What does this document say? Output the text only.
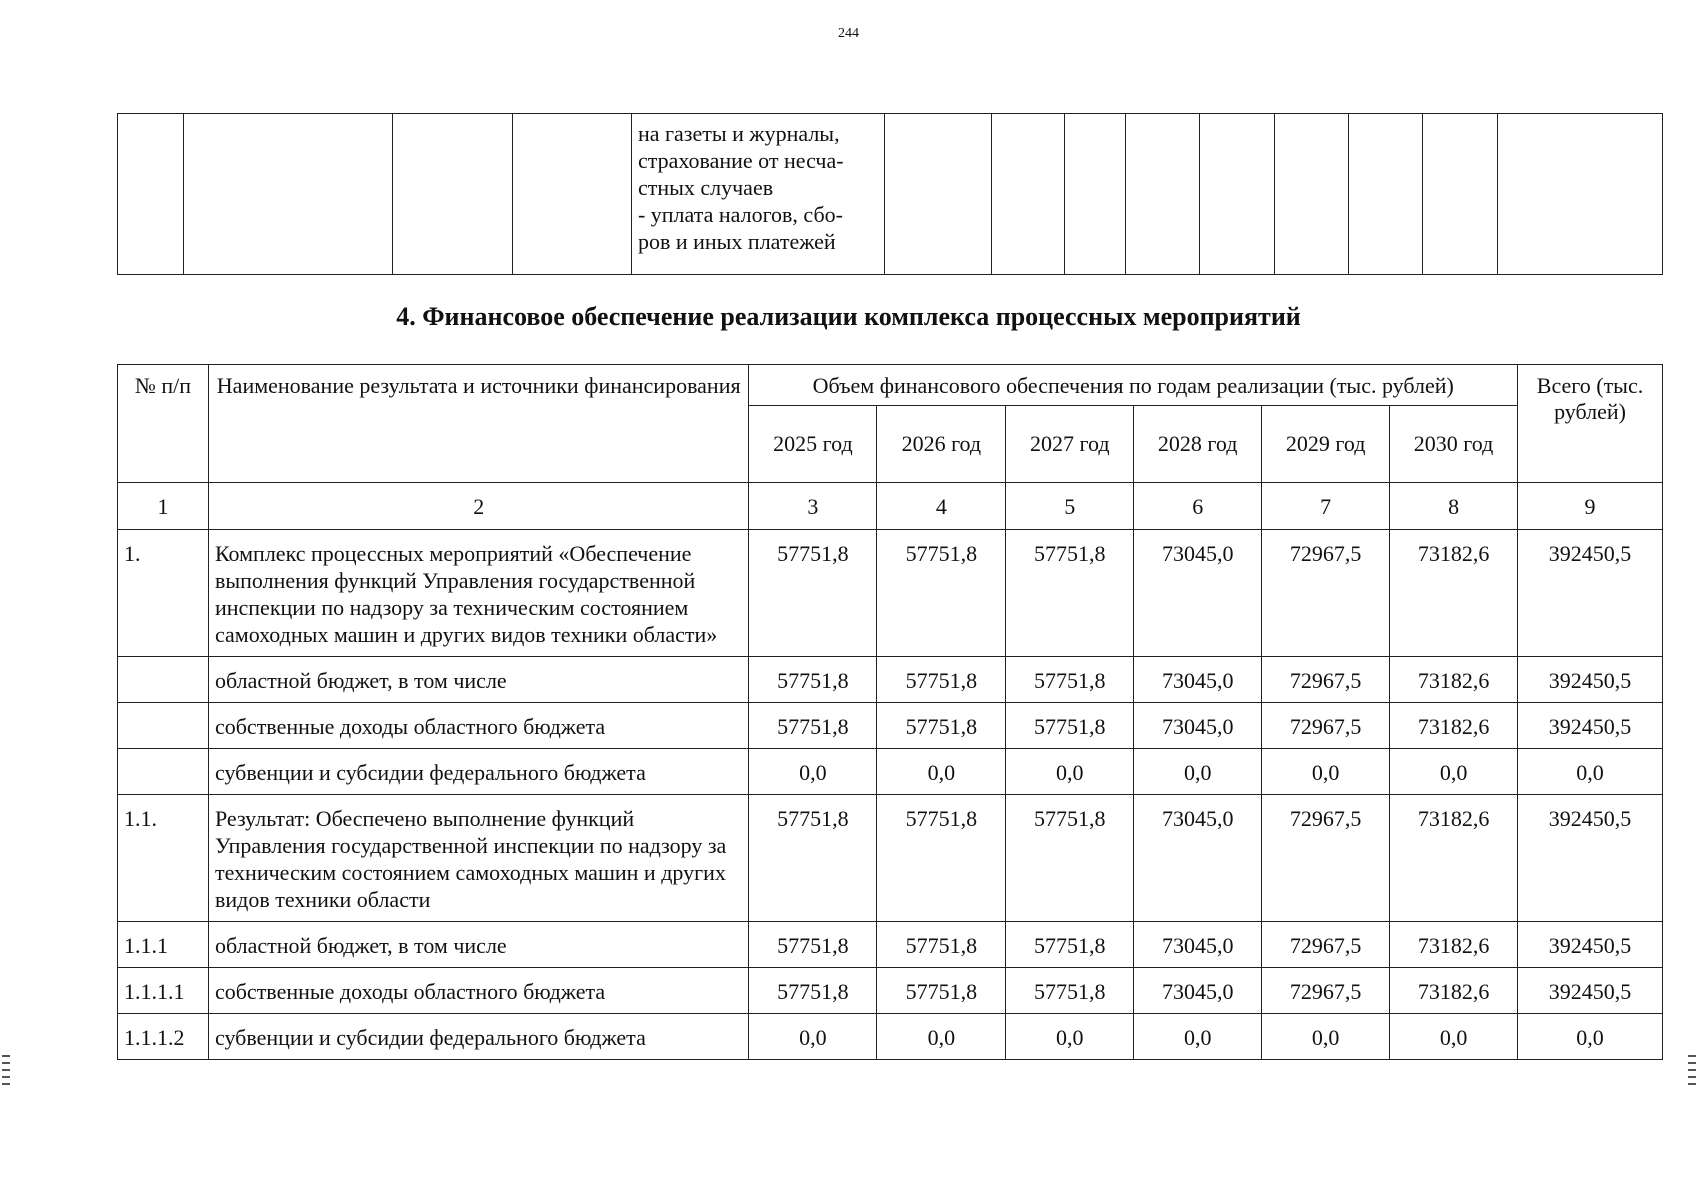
244

на газеты и журналы,
страхование от несча-
стных случаев
- уплата налогов, сбо-
ров и иных платежей

4. Финансовое обеспечение реализации комплекса процессных мероприятий
№ п/п	Наименование результата и источники финансирования	Объем финансового обеспечения по годам реализации (тыс. рублей)						Всего (тыс. рублей)
		2025 год	2026 год	2027 год	2028 год	2029 год	2030 год	
1	2	3	4	5	6	7	8	9
1.	Комплекс процессных мероприятий «Обеспечение выполнения функций Управления государственной инспекции по надзору за техническим состоянием самоходных машин и других видов техники области»	57751,8	57751,8	57751,8	73045,0	72967,5	73182,6	392450,5
	областной бюджет, в том числе	57751,8	57751,8	57751,8	73045,0	72967,5	73182,6	392450,5
	собственные доходы областного бюджета	57751,8	57751,8	57751,8	73045,0	72967,5	73182,6	392450,5
	субвенции и субсидии федерального бюджета	0,0	0,0	0,0	0,0	0,0	0,0	0,0
1.1.	Результат: Обеспечено выполнение функций Управления государственной инспекции по надзору за техническим состоянием самоходных машин и других видов техники области	57751,8	57751,8	57751,8	73045,0	72967,5	73182,6	392450,5
1.1.1	областной бюджет, в том числе	57751,8	57751,8	57751,8	73045,0	72967,5	73182,6	392450,5
1.1.1.1	собственные доходы областного бюджета	57751,8	57751,8	57751,8	73045,0	72967,5	73182,6	392450,5
1.1.1.2	субвенции и субсидии федерального бюджета	0,0	0,0	0,0	0,0	0,0	0,0	0,0
